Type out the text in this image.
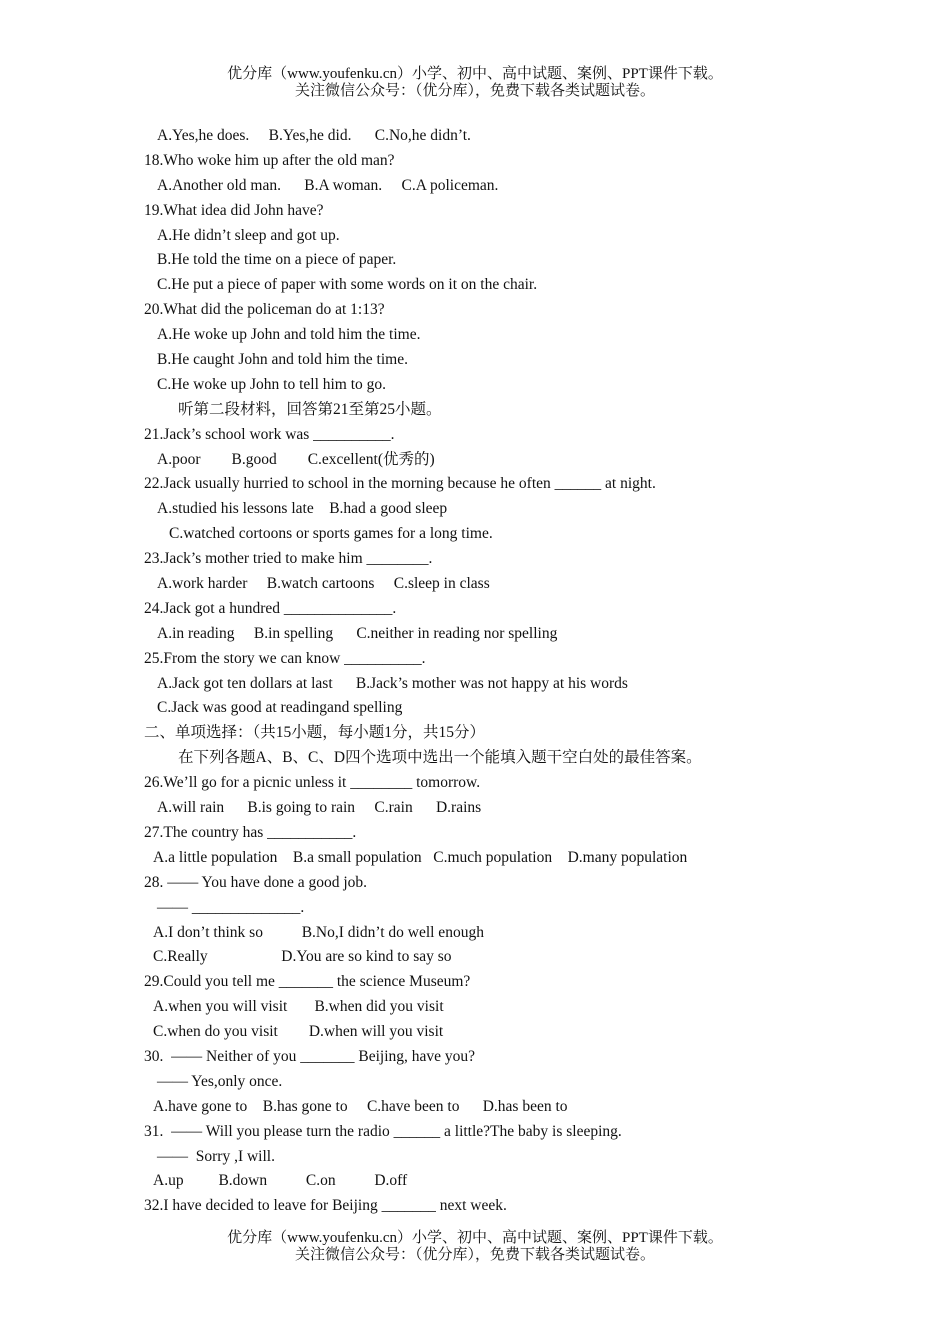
优分库（www.youfenku.cn）小学、初中、高中试题、案例、PPT课件下载。
关注微信公众号：（优分库），免费下载各类试题试卷。
A.Yes,he does.     B.Yes,he did.      C.No,he didn’t.
18.Who woke him up after the old man?
A.Another old man.      B.A woman.     C.A policeman.
19.What idea did John have?
A.He didn’t sleep and got up.
B.He told the time on a piece of paper.
C.He put a piece of paper with some words on it on the chair.
20.What did the policeman do at 1:13?
A.He woke up John and told him the time.
B.He caught John and told him the time.
C.He woke up John to tell him to go.
听第二段材料，回答第21至第25小题。
21.Jack’s school work was __________.
A.poor        B.good        C.excellent(优秀的)
22.Jack usually hurried to school in the morning because he often ______ at night.
A.studied his lessons late    B.had a good sleep
C.watched cortoons or sports games for a long time.
23.Jack’s mother tried to make him ________.
A.work harder     B.watch cartoons     C.sleep in class
24.Jack got a hundred ______________.
A.in reading     B.in spelling      C.neither in reading nor spelling
25.From the story we can know __________.
A.Jack got ten dollars at last      B.Jack’s mother was not happy at his words
C.Jack was good at readingand spelling
二、单项选择：（共15小题，每小题1分，共15分）
在下列各题A、B、C、D四个选项中选出一个能填入题干空白处的最佳答案。
26.We’ll go for a picnic unless it ________ tomorrow.
A.will rain      B.is going to rain     C.rain      D.rains
27.The country has ___________.
A.a little population    B.a small population   C.much population    D.many population
28. —— You have done a good job.
—— ______________.
A.I don’t think so          B.No,I didn’t do well enough
C.Really                   D.You are so kind to say so
29.Could you tell me _______ the science Museum?
A.when you will visit       B.when did you visit
C.when do you visit        D.when will you visit
30.  —— Neither of you _______ Beijing, have you?
—— Yes,only once.
A.have gone to    B.has gone to     C.have been to      D.has been to
31.  —— Will you please turn the radio ______ a little?The baby is sleeping.
——  Sorry ,I will.
A.up         B.down          C.on          D.off
32.I have decided to leave for Beijing _______ next week.
优分库（www.youfenku.cn）小学、初中、高中试题、案例、PPT课件下载。
关注微信公众号：（优分库），免费下载各类试题试卷。
